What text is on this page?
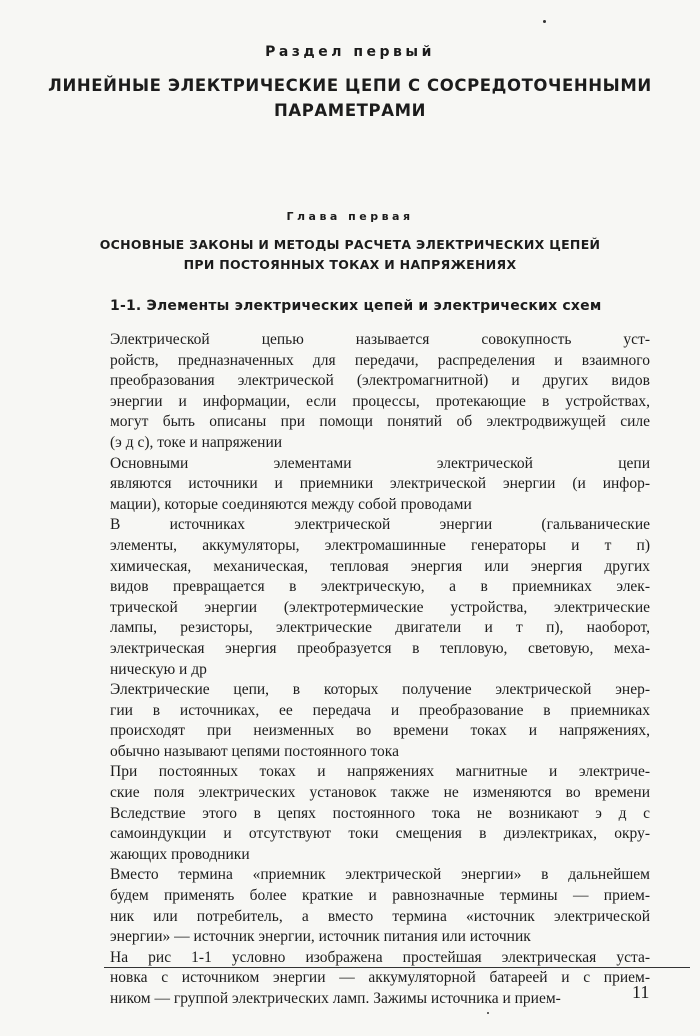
Раздел первый
ЛИНЕЙНЫЕ ЭЛЕКТРИЧЕСКИЕ ЦЕПИ С СОСРЕДОТОЧЕННЫМИ
ПАРАМЕТРАМИ
Глава первая
ОСНОВНЫЕ ЗАКОНЫ И МЕТОДЫ РАСЧЕТА ЭЛЕКТРИЧЕСКИХ ЦЕПЕЙ
ПРИ ПОСТОЯННЫХ ТОКАХ И НАПРЯЖЕНИЯХ
1-1. Элементы электрических цепей и электрических схем
Электрической цепью называется совокупность уст-
ройств, предназначенных для передачи, распределения и взаимного
преобразования электрической (электромагнитной) и других видов
энергии и информации, если процессы, протекающие в устройствах,
могут быть описаны при помощи понятий об электродвижущей силе
(э д с), токе и напряжении
Основными элементами электрической цепи
являются источники и приемники электрической энергии (и инфор-
мации), которые соединяются между собой проводами
В источниках электрической энергии (гальванические
элементы, аккумуляторы, электромашинные генераторы и т п)
химическая, механическая, тепловая энергия или энергия других
видов превращается в электрическую, а в приемниках элек-
трической энергии (электротермические устройства, электрические
лампы, резисторы, электрические двигатели и т п), наоборот,
электрическая энергия преобразуется в тепловую, световую, меха-
ническую и др
Электрические цепи, в которых получение электрической энер-
гии в источниках, ее передача и преобразование в приемниках
происходят при неизменных во времени токах и напряжениях,
обычно называют цепями постоянного тока
При постоянных токах и напряжениях магнитные и электриче-
ские поля электрических установок также не изменяются во времени
Вследствие этого в цепях постоянного тока не возникают э д с
самоиндукции и отсутствуют токи смещения в диэлектриках, окру-
жающих проводники
Вместо термина «приемник электрической энергии» в дальнейшем
будем применять более краткие и равнозначные термины — прием-
ник или потребитель, а вместо термина «источник электрической
энергии» — источник энергии, источник питания или источник
На рис 1-1 условно изображена простейшая электрическая уста-
новка с источником энергии — аккумуляторной батареей и с прием-
ником — группой электрических ламп. Зажимы источника и прием-	11
